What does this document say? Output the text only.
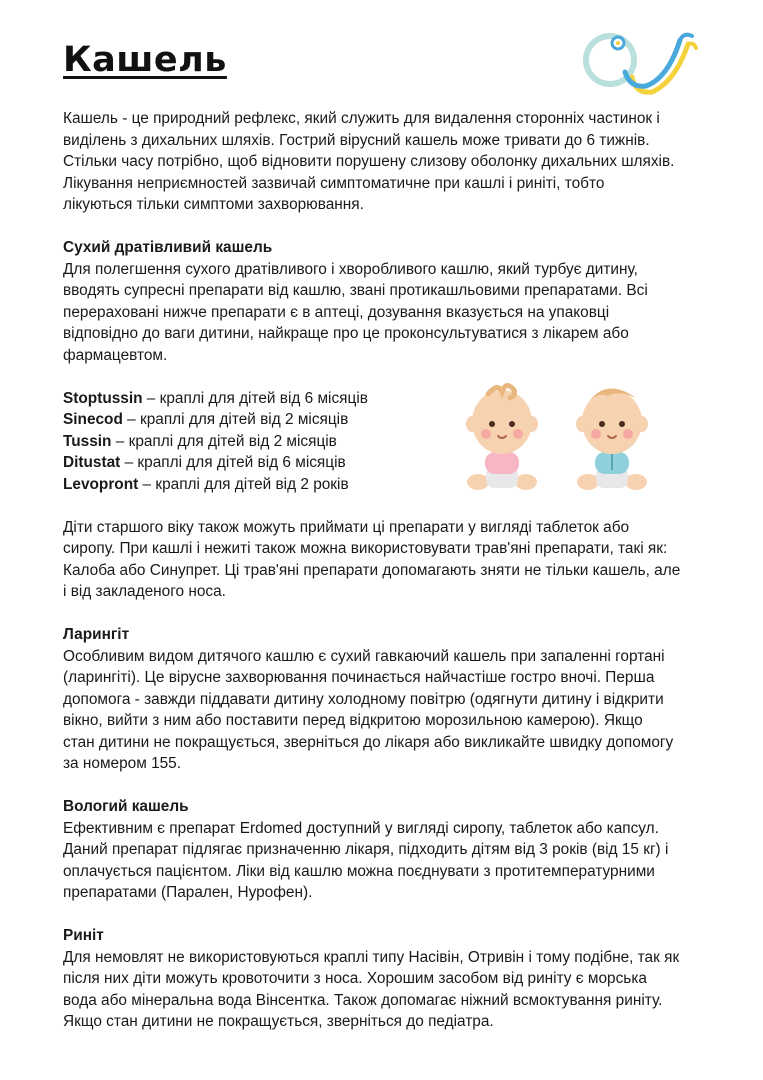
Кашель

Кашель - це природний рефлекс, який служить для видалення сторонніх частинок і

виділень з дихальних шляхів. Гострий вірусний кашель може тривати до 6 тижнів.

Стільки часу потрібно, щоб відновити порушену слизову оболонку дихальних шляхів.

Лікування неприємностей зазвичай симптоматичне при кашлі і риніті, тобто

лікуються тільки симптоми захворювання.

Сухий дратівливий кашель

Для полегшення сухого дратівливого і хворобливого кашлю, який турбує дитину,

вводять супресні препарати від кашлю, звані протикашльовими препаратами. Всі

перераховані нижче препарати є в аптеці, дозування вказується на упаковці

відповідно до ваги дитини, найкраще про це проконсультуватися з лікарем або

фармацевтом.

Stoptussin – краплі для дітей від 6 місяців

Sinecod – краплі для дітей від 2 місяців

Tussin – краплі для дітей від 2 місяців

Ditustat – краплі для дітей від 6 місяців

Levopront – краплі для дітей від 2 років

Діти старшого віку також можуть приймати ці препарати у вигляді таблеток або

сиропу. При кашлі і нежиті також можна використовувати трав'яні препарати, такі як:

Калоба або Синупрет. Ці трав'яні препарати допомагають зняти не тільки кашель, але

і від закладеного носа.

Ларингіт

Особливим видом дитячого кашлю є сухий гавкаючий кашель при запаленні гортані

(ларингіті). Це вірусне захворювання починається найчастіше гостро вночі. Перша

допомога - завжди піддавати дитину холодному повітрю (одягнути дитину і відкрити

вікно, вийти з ним або поставити перед відкритою морозильною камерою). Якщо

стан дитини не покращується, зверніться до лікаря або викликайте швидку допомогу

за номером 155.

Вологий кашель

Ефективним є препарат Erdomed доступний у вигляді сиропу, таблеток або капсул.

Даний препарат підлягає призначенню лікаря, підходить дітям від 3 років (від 15 кг) і

оплачується пацієнтом. Ліки від кашлю можна поєднувати з протитемпературними

препаратами (Парален, Нурофен).

Риніт

Для немовлят не використовуються краплі типу Насівін, Отривін і тому подібне, так як

після них діти можуть кровоточити з носа. Хорошим засобом від риніту є морська

вода або мінеральна вода Вінсентка. Також допомагає ніжний всмоктування риніту.

Якщо стан дитини не покращується, зверніться до педіатра.
